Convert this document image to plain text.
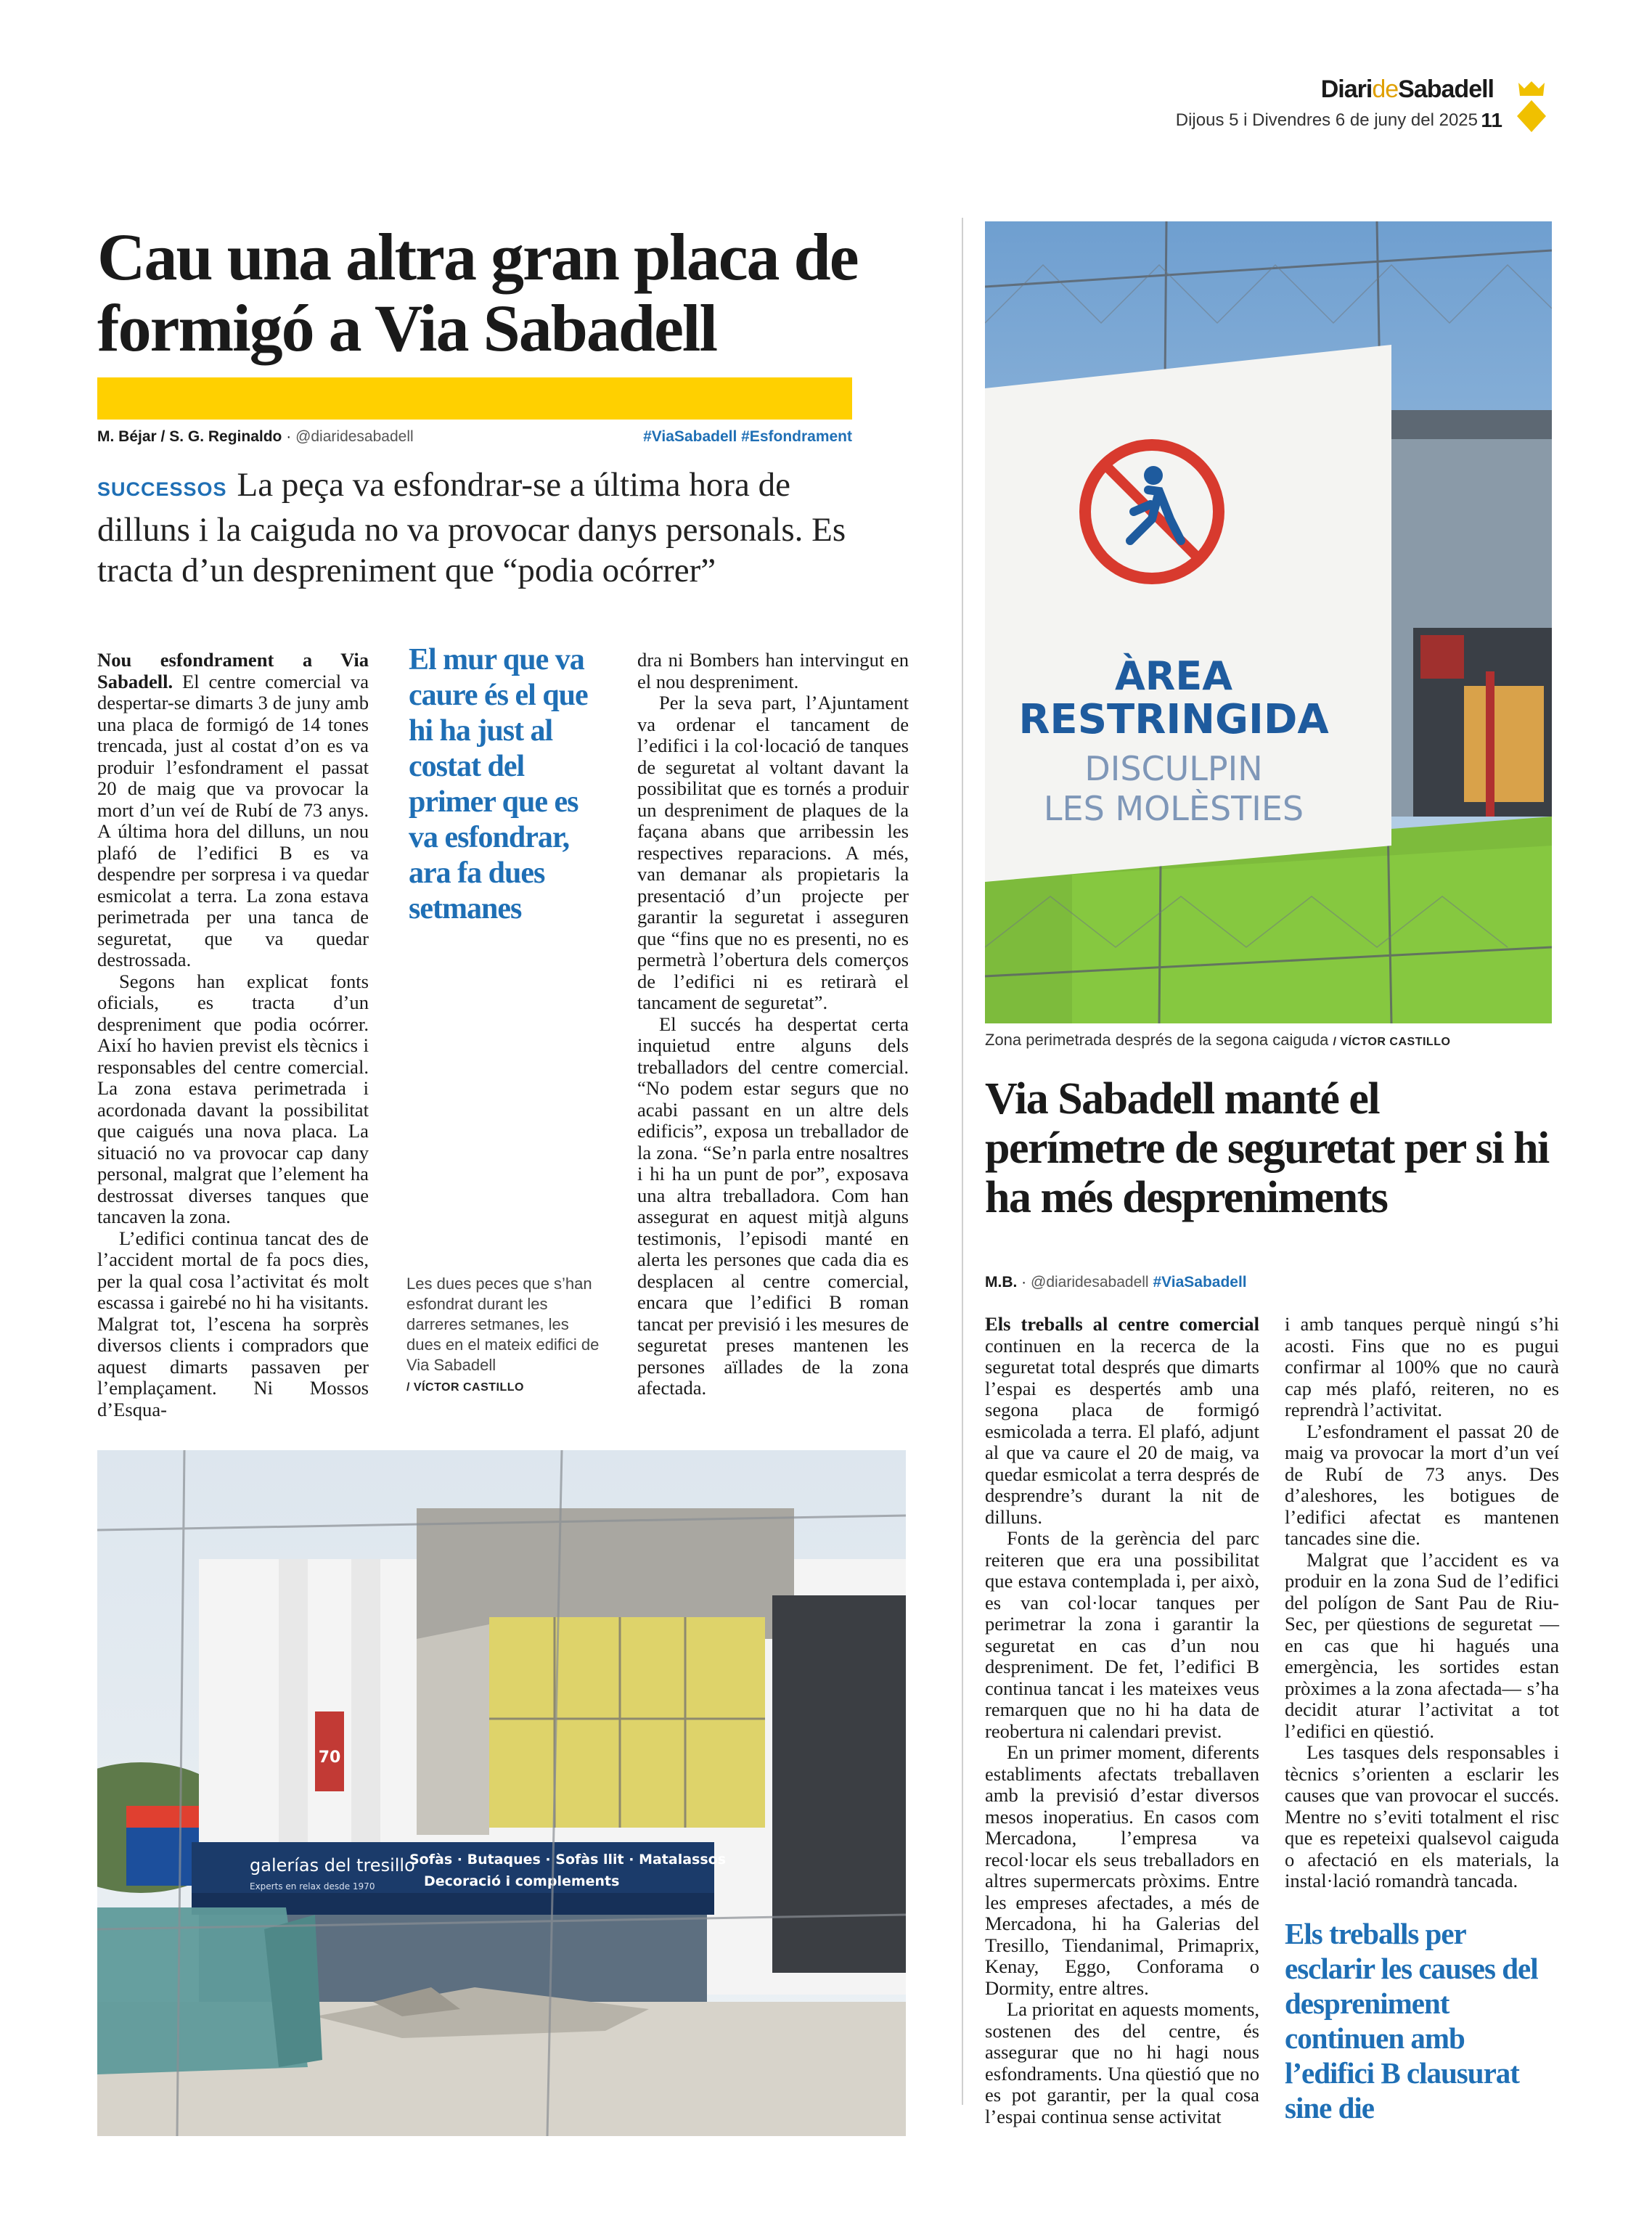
DiarideSabadell
Dijous 5 i Divendres 6 de juny del 2025 11
Cau una altra gran placa de formigó a Via Sabadell
M. Béjar / S. G. Reginaldo · @diaridesabadell	#ViaSabadell #Esfondrament
SUCCESSOS La peça va esfondrar-se a última hora de dilluns i la caiguda no va provocar danys personals. Es tracta d’un despreniment que “podia ocórrer”

Nou esfondrament a Via Sabadell. El centre comercial va despertar-se dimarts 3 de juny amb una placa de formigó de 14 tones trencada, just al costat d’on es va produir l’esfondrament el passat 20 de maig que va provocar la mort d’un veí de Rubí de 73 anys. A última hora del dilluns, un nou plafó de l’edifici B es va despendre per sorpresa i va quedar esmicolat a terra. La zona estava perimetrada per una tanca de seguretat, que va quedar destrossada.

Segons han explicat fonts oficials, es tracta d’un despreniment que podia ocórrer. Així ho havien previst els tècnics i responsables del centre comercial. La zona estava perimetrada i acordonada davant la possibilitat que caigués una nova placa. La situació no va provocar cap dany personal, malgrat que l’element ha destrossat diverses tanques que tancaven la zona.

L’edifici continua tancat des de l’accident mortal de fa pocs dies, per la qual cosa l’activitat és molt escassa i gairebé no hi ha visitants. Malgrat tot, l’escena ha sorprès diversos clients i compradors que aquest dimarts passaven per l’emplaçament. Ni Mossos d’Esqua-

El mur que va caure és el que hi ha just al costat del primer que es va esfondrar, ara fa dues setmanes
Les dues peces que s’han esfondrat durant les darreres setmanes, les dues en el mateix edifici de Via Sabadell
/ VÍCTOR CASTILLO

dra ni Bombers han intervingut en el nou despreniment.

Per la seva part, l’Ajuntament va ordenar el tancament de l’edifici i la col·locació de tanques de seguretat al voltant davant la possibilitat que es tornés a produir un despreniment de plaques de la façana abans que arribessin les respectives reparacions. A més, van demanar als propietaris la presentació d’un projecte per garantir la seguretat i asseguren que “fins que no es presenti, no es permetrà l’obertura dels comerços de l’edifici ni es retirarà el tancament de seguretat”.

El succés ha despertat certa inquietud entre alguns dels treballadors del centre comercial. “No podem estar segurs que no acabi passant en un altre dels edificis”, exposa un treballador de la zona. “Se’n parla entre nosaltres i hi ha un punt de por”, exposava una altra treballadora. Com han assegurat en aquest mitjà alguns testimonis, l’episodi manté en alerta les persones que cada dia es desplacen al centre comercial, encara que l’edifici B roman tancat per previsió i les mesures de seguretat preses mantenen les persones aïllades de la zona afectada.

ÀREA
RESTRINGIDA
DISCULPIN
LES MOLÈSTIES
Zona perimetrada després de la segona caiguda / VÍCTOR CASTILLO
Via Sabadell manté el perímetre de seguretat per si hi ha més despreniments
M.B. · @diaridesabadell #ViaSabadell

Els treballs al centre comercial continuen en la recerca de la seguretat total després que dimarts l’espai es despertés amb una segona placa de formigó esmicolada a terra. El plafó, adjunt al que va caure el 20 de maig, va quedar esmicolat a terra després de desprendre’s durant la nit de dilluns.

Fonts de la gerència del parc reiteren que era una possibilitat que estava contemplada i, per això, es van col·locar tanques per perimetrar la zona i garantir la seguretat en cas d’un nou despreniment. De fet, l’edifici B continua tancat i les mateixes veus remarquen que no hi ha data de reobertura ni calendari previst.

En un primer moment, diferents establiments afectats treballaven amb la previsió d’estar diversos mesos inoperatius. En casos com Mercadona, l’empresa va recol·locar els seus treballadors en altres supermercats pròxims. Entre les empreses afectades, a més de Mercadona, hi ha Galerias del Tresillo, Tiendanimal, Primaprix, Kenay, Eggo, Conforama o Dormity, entre altres.

La prioritat en aquests moments, sostenen des del centre, és assegurar que no hi hagi nous esfondraments. Una qüestió que no es pot garantir, per la qual cosa l’espai continua sense activitat

i amb tanques perquè ningú s’hi acosti. Fins que no es pugui confirmar al 100% que no caurà cap més plafó, reiteren, no es reprendrà l’activitat.

L’esfondrament el passat 20 de maig va provocar la mort d’un veí de Rubí de 73 anys. Des d’aleshores, les botigues de l’edifici afectat es mantenen tancades sine die.

Malgrat que l’accident es va produir en la zona Sud de l’edifici del polígon de Sant Pau de Riu-Sec, per qüestions de seguretat —en cas que hi hagués una emergència, les sortides estan pròximes a la zona afectada— s’ha decidit aturar l’activitat a tot l’edifici en qüestió.

Les tasques dels responsables i tècnics s’orienten a esclarir les causes que van provocar el succés. Mentre no s’eviti totalment el risc que es repeteixi qualsevol caiguda o afectació en els materials, la instal·lació romandrà tancada.

Els treballs per esclarir les causes del despreniment continuen amb l’edifici B clausurat sine die
70
galerías del tresillo
Experts en relax desde 1970
Sofàs · Butaques · Sofàs llit · Matalassos
Decoració i complements
